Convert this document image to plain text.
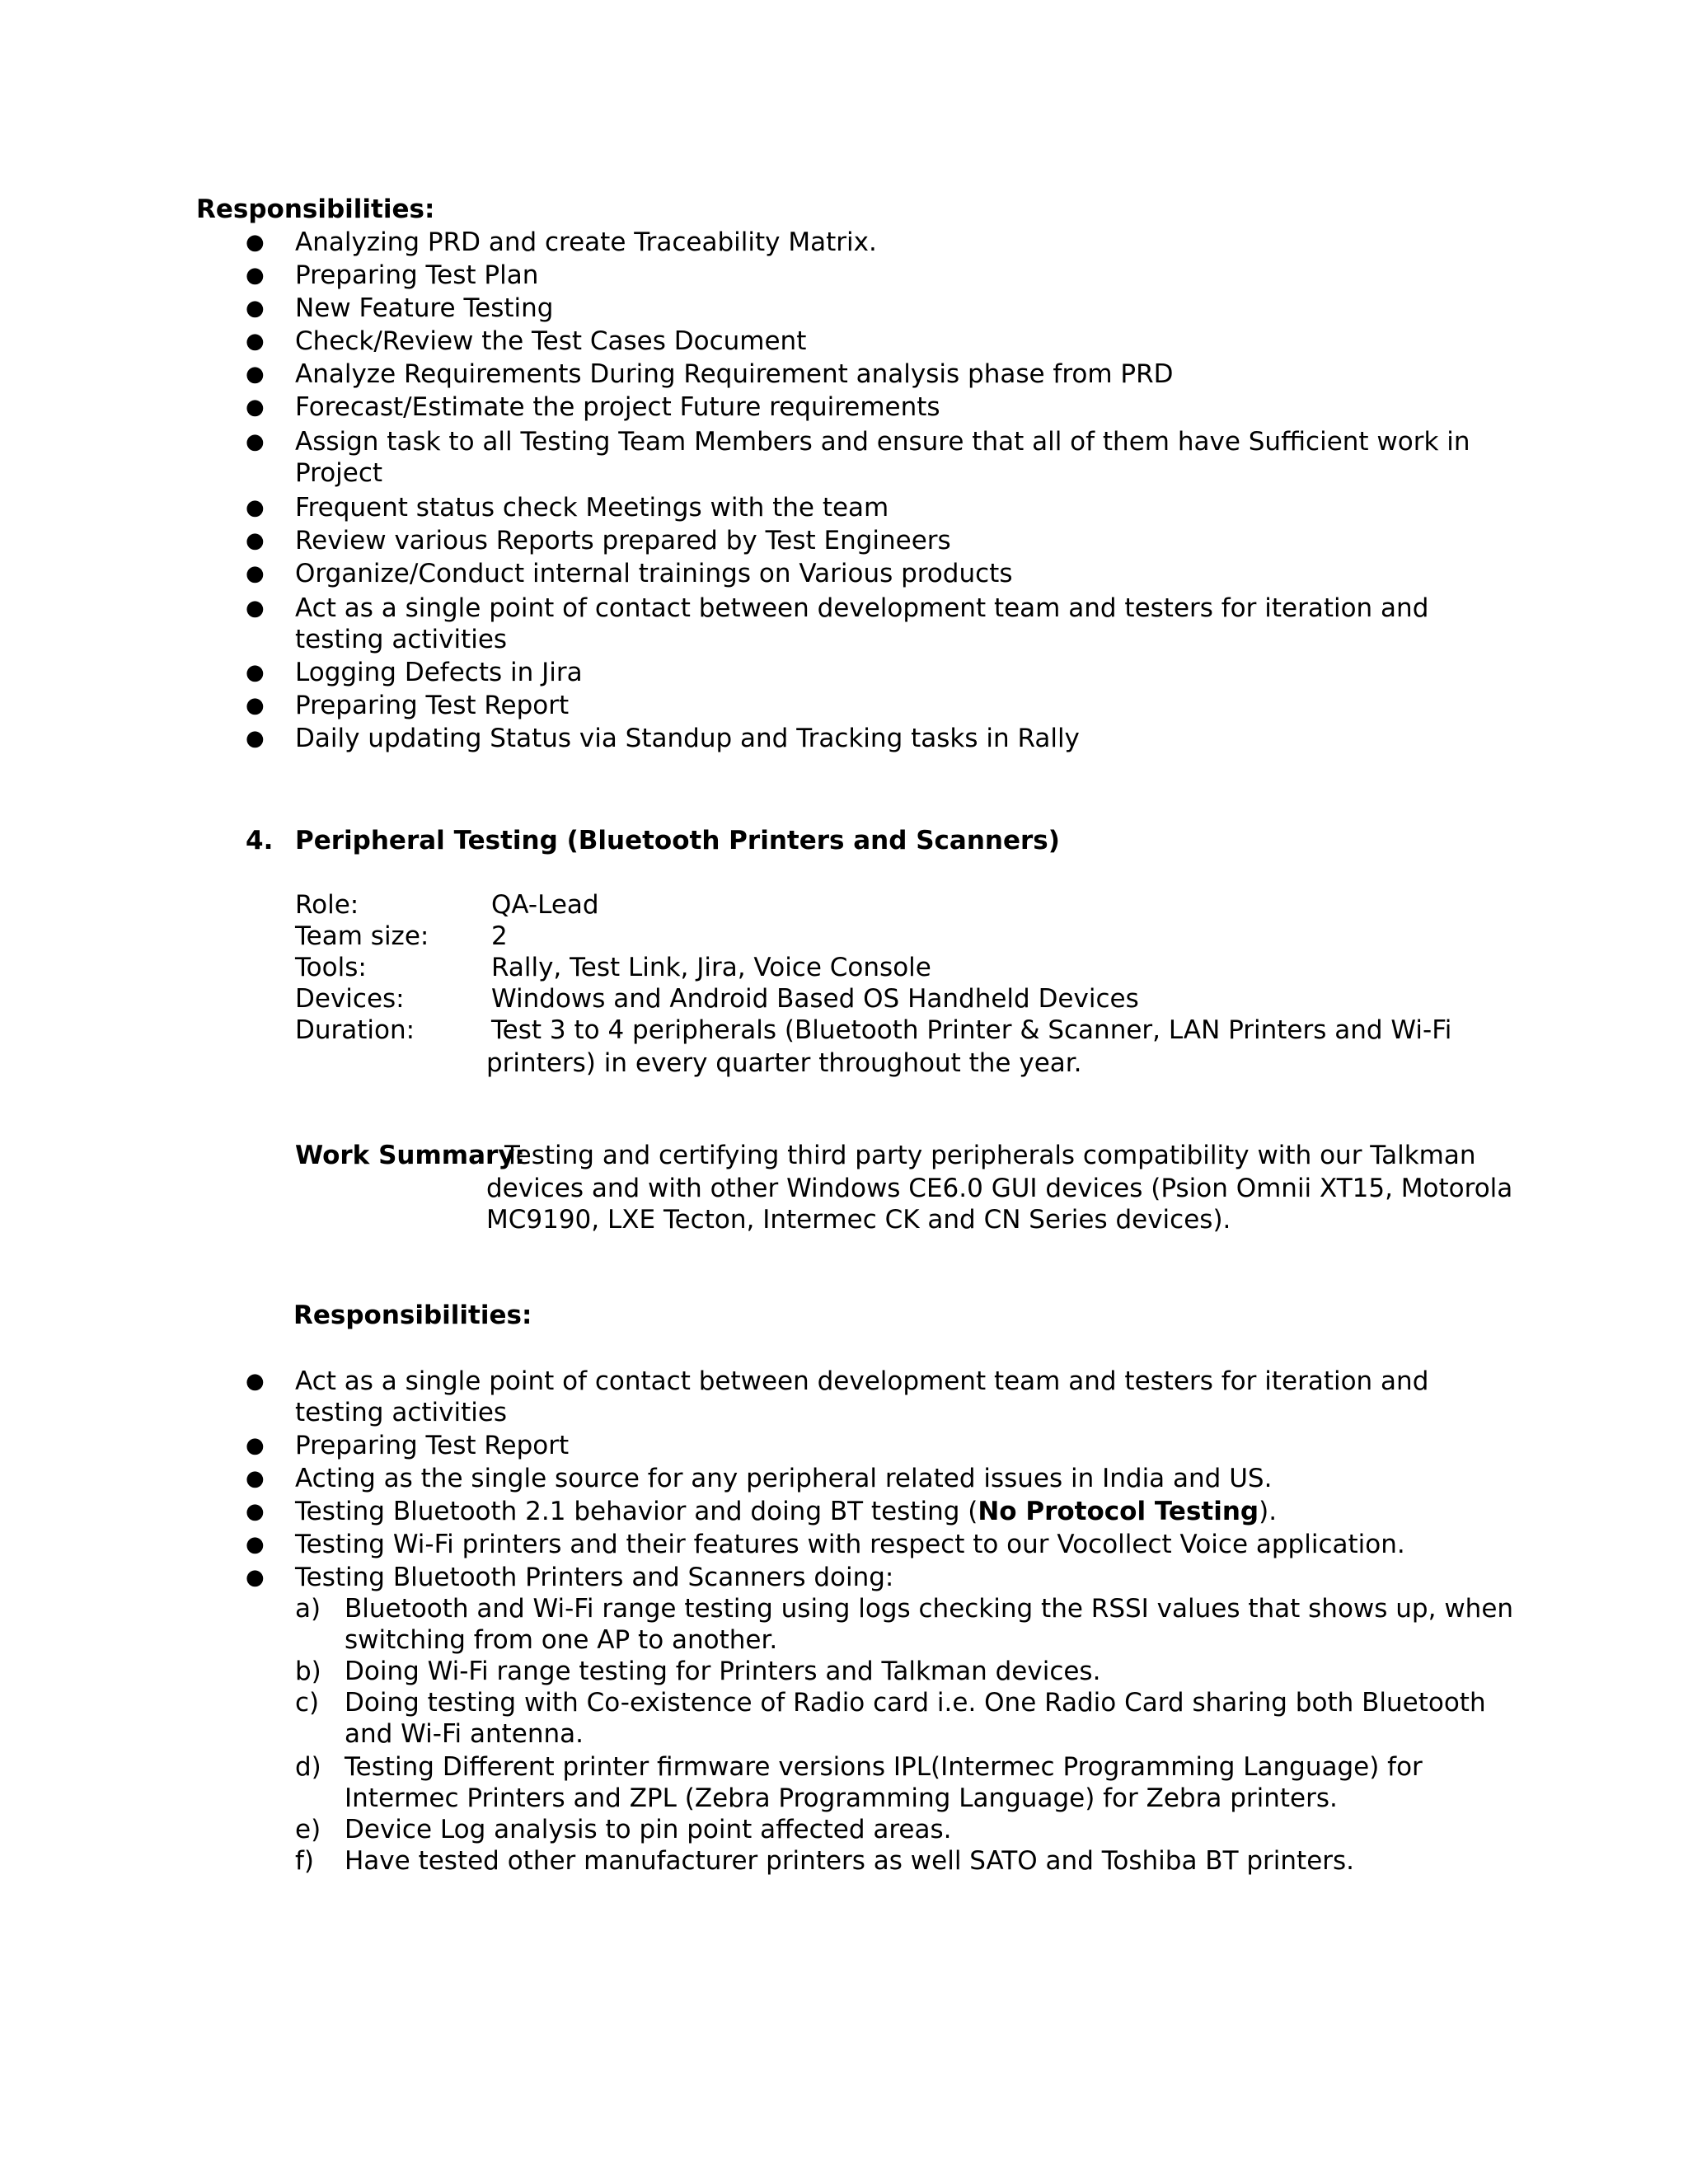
Responsibilities:
● Analyzing PRD and create Traceability Matrix.
● Preparing Test Plan
● New Feature Testing
● Check/Review the Test Cases Document
● Analyze Requirements During Requirement analysis phase from PRD
● Forecast/Estimate the project Future requirements
● Assign task to all Testing Team Members and ensure that all of them have Sufficient work in
Project
● Frequent status check Meetings with the team
● Review various Reports prepared by Test Engineers
● Organize/Conduct internal trainings on Various products
● Act as a single point of contact between development team and testers for iteration and
testing activities
● Logging Defects in Jira
● Preparing Test Report
● Daily updating Status via Standup and Tracking tasks in Rally
4. Peripheral Testing (Bluetooth Printers and Scanners)
Role:	QA-Lead
Team size: 2
Tools:	Rally, Test Link, Jira, Voice Console
Devices:	Windows and Android Based OS Handheld Devices
Duration:	Test 3 to 4 peripherals (Bluetooth Printer & Scanner, LAN Printers and Wi-Fi
printers) in every quarter throughout the year.
Work Summary:
Testing and certifying third party peripherals compatibility with our Talkman
devices and with other Windows CE6.0 GUI devices (Psion Omnii XT15, Motorola
MC9190, LXE Tecton, Intermec CK and CN Series devices).
Responsibilities:
● Act as a single point of contact between development team and testers for iteration and
testing activities
● Preparing Test Report
● Acting as the single source for any peripheral related issues in India and US.
● Testing Bluetooth 2.1 behavior and doing BT testing (No Protocol Testing).
● Testing Wi-Fi printers and their features with respect to our Vocollect Voice application.
● Testing Bluetooth Printers and Scanners doing:
a) Bluetooth and Wi-Fi range testing using logs checking the RSSI values that shows up, when
switching from one AP to another.
b) Doing Wi-Fi range testing for Printers and Talkman devices.
c) Doing testing with Co-existence of Radio card i.e. One Radio Card sharing both Bluetooth
and Wi-Fi antenna.
d) Testing Different printer firmware versions IPL(Intermec Programming Language) for
Intermec Printers and ZPL (Zebra Programming Language) for Zebra printers.
e) Device Log analysis to pin point affected areas.
f) Have tested other manufacturer printers as well SATO and Toshiba BT printers.
